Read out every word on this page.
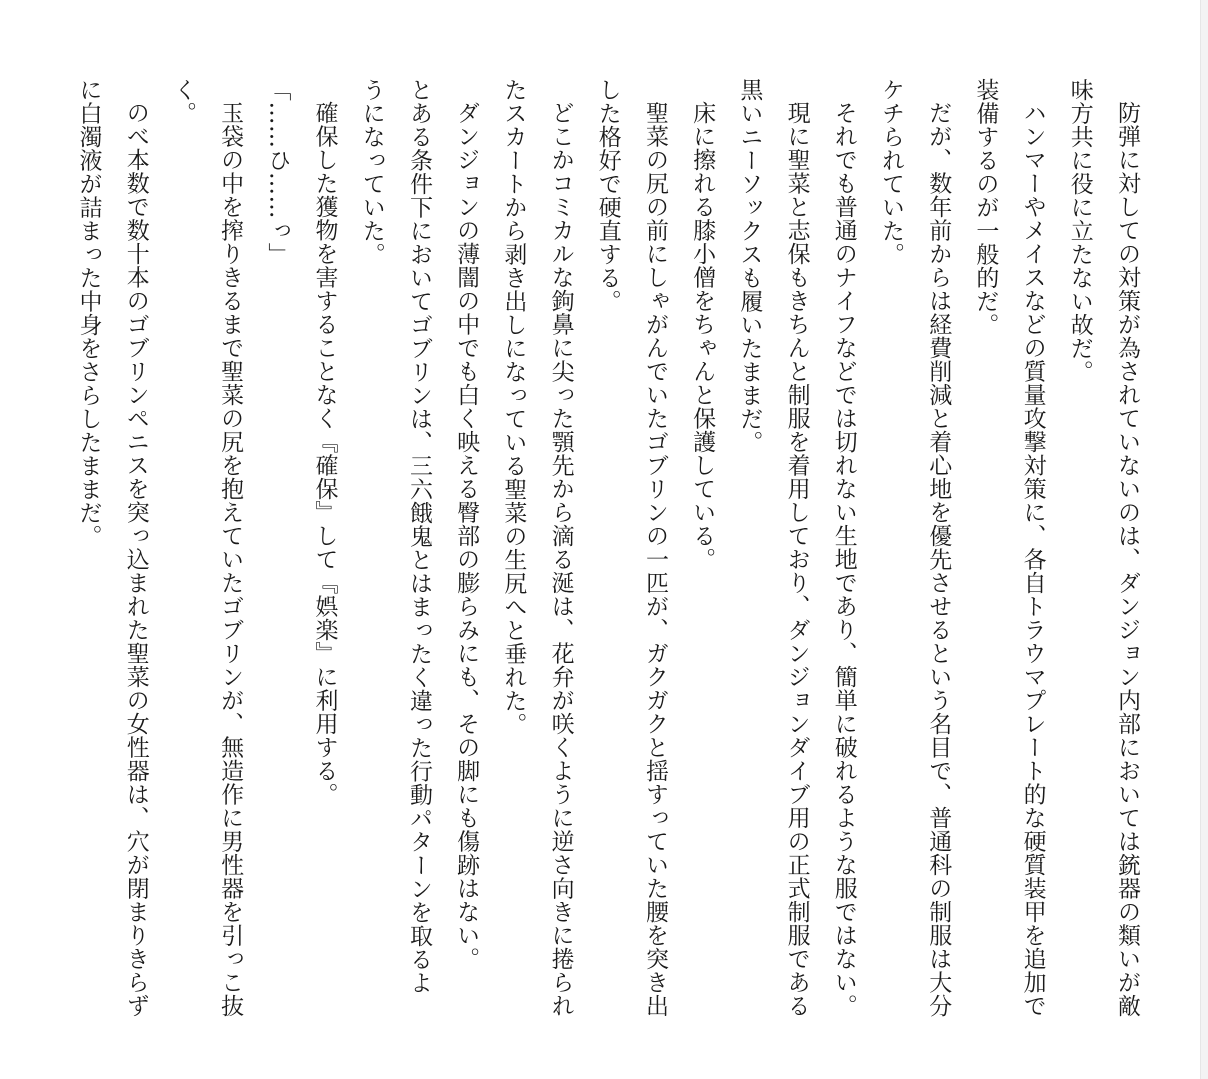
防弾に対しての対策が為されていないのは、ダンジョン内部においては銃器の類いが敵

味方共に役に立たない故だ。

ハンマーやメイスなどの質量攻撃対策に、各自トラウマプレート的な硬質装甲を追加で

装備するのが一般的だ。

だが、数年前からは経費削減と着心地を優先させるという名目で、普通科の制服は大分

ケチられていた。

それでも普通のナイフなどでは切れない生地であり、簡単に破れるような服ではない。

現に聖菜と志保もきちんと制服を着用しており、ダンジョンダイブ用の正式制服である

黒いニーソックスも履いたままだ。

床に擦れる膝小僧をちゃんと保護している。

聖菜の尻の前にしゃがんでいたゴブリンの一匹が、ガクガクと揺すっていた腰を突き出

した格好で硬直する。

どこかコミカルな鉤鼻に尖った顎先から滴る涎は、花弁が咲くように逆さ向きに捲られ

たスカートから剥き出しになっている聖菜の生尻へと垂れた。

ダンジョンの薄闇の中でも白く映える臀部の膨らみにも、その脚にも傷跡はない。

とある条件下においてゴブリンは、三六餓鬼とはまったく違った行動パターンを取るよ

うになっていた。

確保した獲物を害することなく『確保』して『娯楽』に利用する。

「……ひ……っ」

玉袋の中を搾りきるまで聖菜の尻を抱えていたゴブリンが、無造作に男性器を引っこ抜

く。

のべ本数で数十本のゴブリンペニスを突っ込まれた聖菜の女性器は、穴が閉まりきらず

に白濁液が詰まった中身をさらしたままだ。
